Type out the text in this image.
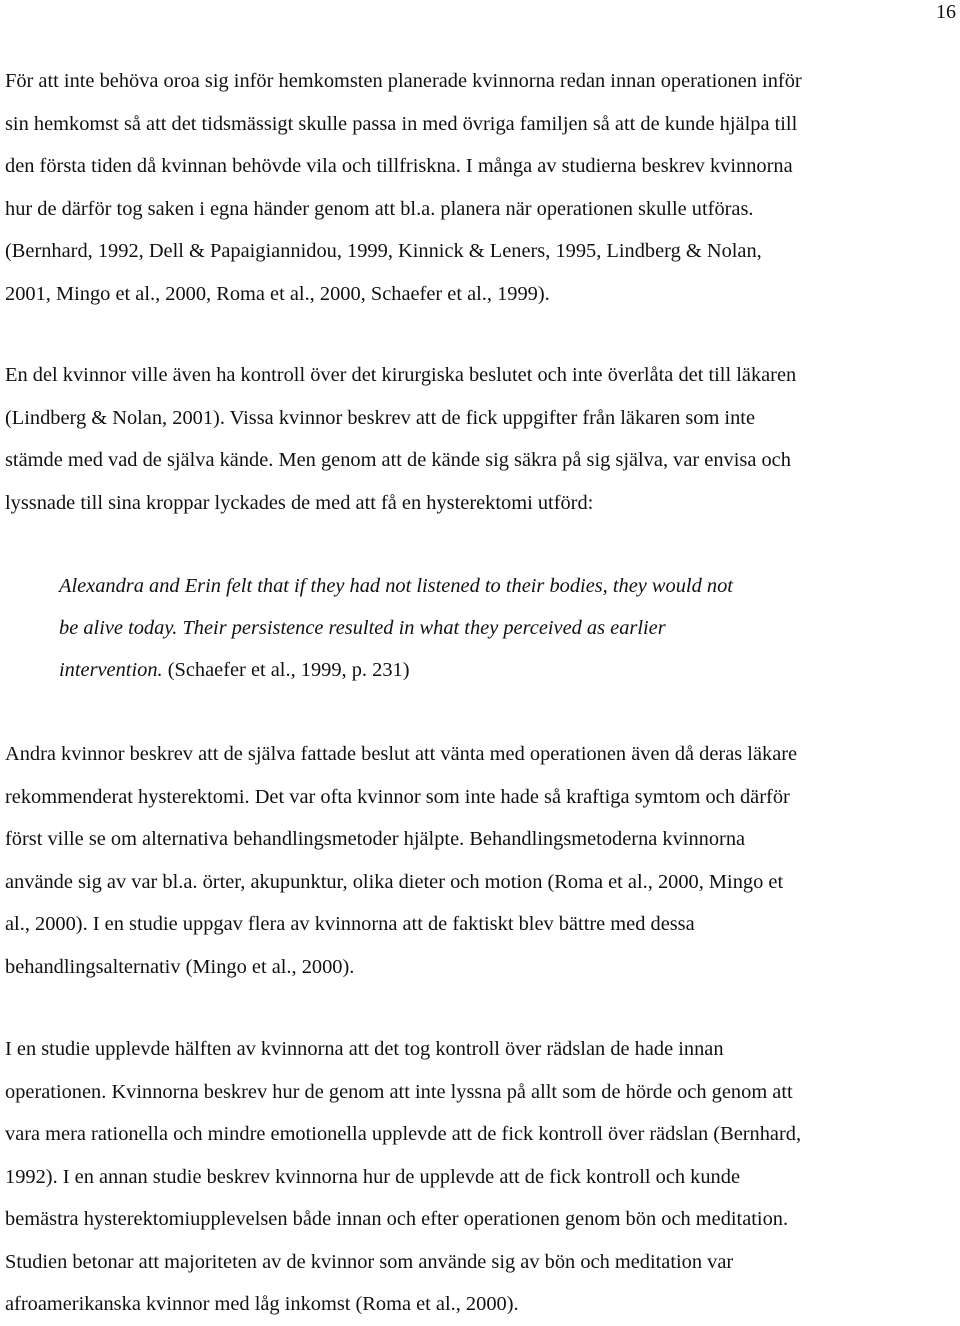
16

För att inte behöva oroa sig inför hemkomsten planerade kvinnorna redan innan operationen inför
sin hemkomst så att det tidsmässigt skulle passa in med övriga familjen så att de kunde hjälpa till
den första tiden då kvinnan behövde vila och tillfriskna. I många av studierna beskrev kvinnorna
hur de därför tog saken i egna händer genom att bl.a. planera när operationen skulle utföras.
(Bernhard, 1992, Dell & Papaigiannidou, 1999, Kinnick & Leners, 1995, Lindberg & Nolan,
2001, Mingo et al., 2000, Roma et al., 2000, Schaefer et al., 1999).

En del kvinnor ville även ha kontroll över det kirurgiska beslutet och inte överlåta det till läkaren
(Lindberg & Nolan, 2001). Vissa kvinnor beskrev att de fick uppgifter från läkaren som inte
stämde med vad de själva kände. Men genom att de kände sig säkra på sig själva, var envisa och
lyssnade till sina kroppar lyckades de med att få en hysterektomi utförd:

Alexandra and Erin felt that if they had not listened to their bodies, they would not
be alive today. Their persistence resulted in what they perceived as earlier
intervention. (Schaefer et al., 1999, p. 231)

Andra kvinnor beskrev att de själva fattade beslut att vänta med operationen även då deras läkare
rekommenderat hysterektomi. Det var ofta kvinnor som inte hade så kraftiga symtom och därför
först ville se om alternativa behandlingsmetoder hjälpte. Behandlingsmetoderna kvinnorna
använde sig av var bl.a. örter, akupunktur, olika dieter och motion (Roma et al., 2000, Mingo et
al., 2000). I en studie uppgav flera av kvinnorna att de faktiskt blev bättre med dessa
behandlingsalternativ (Mingo et al., 2000).

I en studie upplevde hälften av kvinnorna att det tog kontroll över rädslan de hade innan
operationen. Kvinnorna beskrev hur de genom att inte lyssna på allt som de hörde och genom att
vara mera rationella och mindre emotionella upplevde att de fick kontroll över rädslan (Bernhard,
1992). I en annan studie beskrev kvinnorna hur de upplevde att de fick kontroll och kunde
bemästra hysterektomiupplevelsen både innan och efter operationen genom bön och meditation.
Studien betonar att majoriteten av de kvinnor som använde sig av bön och meditation var
afroamerikanska kvinnor med låg inkomst (Roma et al., 2000).
